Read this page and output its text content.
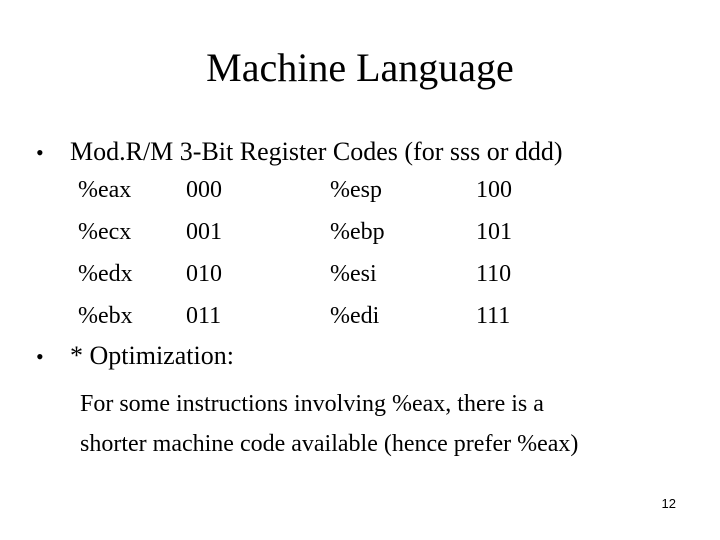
Machine Language
• Mod.R/M 3-Bit Register Codes (for sss or ddd)
%eax 000	%esp	100
%ecx 001	%ebp	101
%edx 010	%esi	110
%ebx 011	%edi	111
• * Optimization:
For some instructions involving %eax, there is a
shorter machine code available (hence prefer %eax)
12
